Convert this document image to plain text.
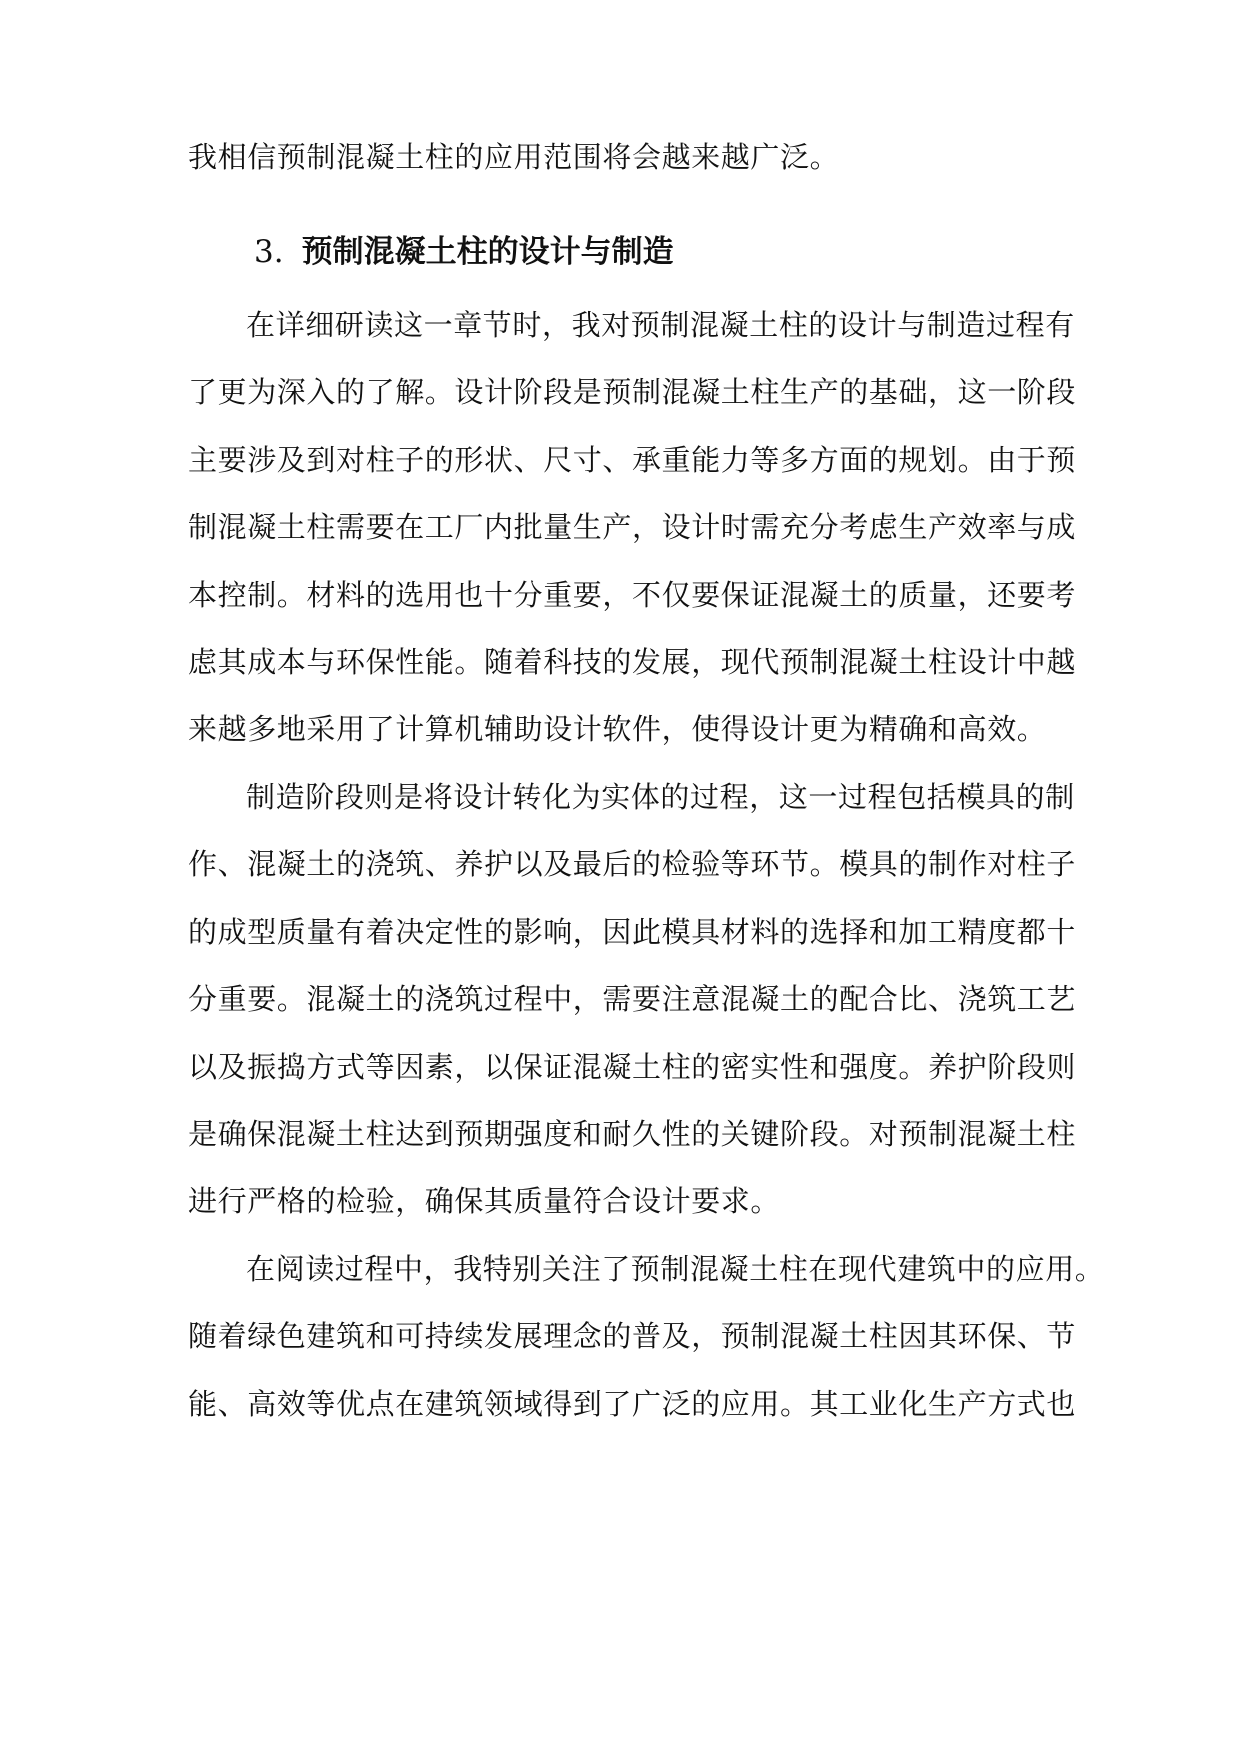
我相信预制混凝土柱的应用范围将会越来越广泛。
3. 预制混凝土柱的设计与制造
在详细研读这一章节时，我对预制混凝土柱的设计与制造过程有
了更为深入的了解。设计阶段是预制混凝土柱生产的基础，这一阶段
主要涉及到对柱子的形状、尺寸、承重能力等多方面的规划。由于预
制混凝土柱需要在工厂内批量生产，设计时需充分考虑生产效率与成
本控制。材料的选用也十分重要，不仅要保证混凝土的质量，还要考
虑其成本与环保性能。随着科技的发展，现代预制混凝土柱设计中越
来越多地采用了计算机辅助设计软件，使得设计更为精确和高效。
制造阶段则是将设计转化为实体的过程，这一过程包括模具的制
作、混凝土的浇筑、养护以及最后的检验等环节。模具的制作对柱子
的成型质量有着决定性的影响，因此模具材料的选择和加工精度都十
分重要。混凝土的浇筑过程中，需要注意混凝土的配合比、浇筑工艺
以及振捣方式等因素，以保证混凝土柱的密实性和强度。养护阶段则
是确保混凝土柱达到预期强度和耐久性的关键阶段。对预制混凝土柱
进行严格的检验，确保其质量符合设计要求。
在阅读过程中，我特别关注了预制混凝土柱在现代建筑中的应用。
随着绿色建筑和可持续发展理念的普及，预制混凝土柱因其环保、节
能、高效等优点在建筑领域得到了广泛的应用。其工业化生产方式也
